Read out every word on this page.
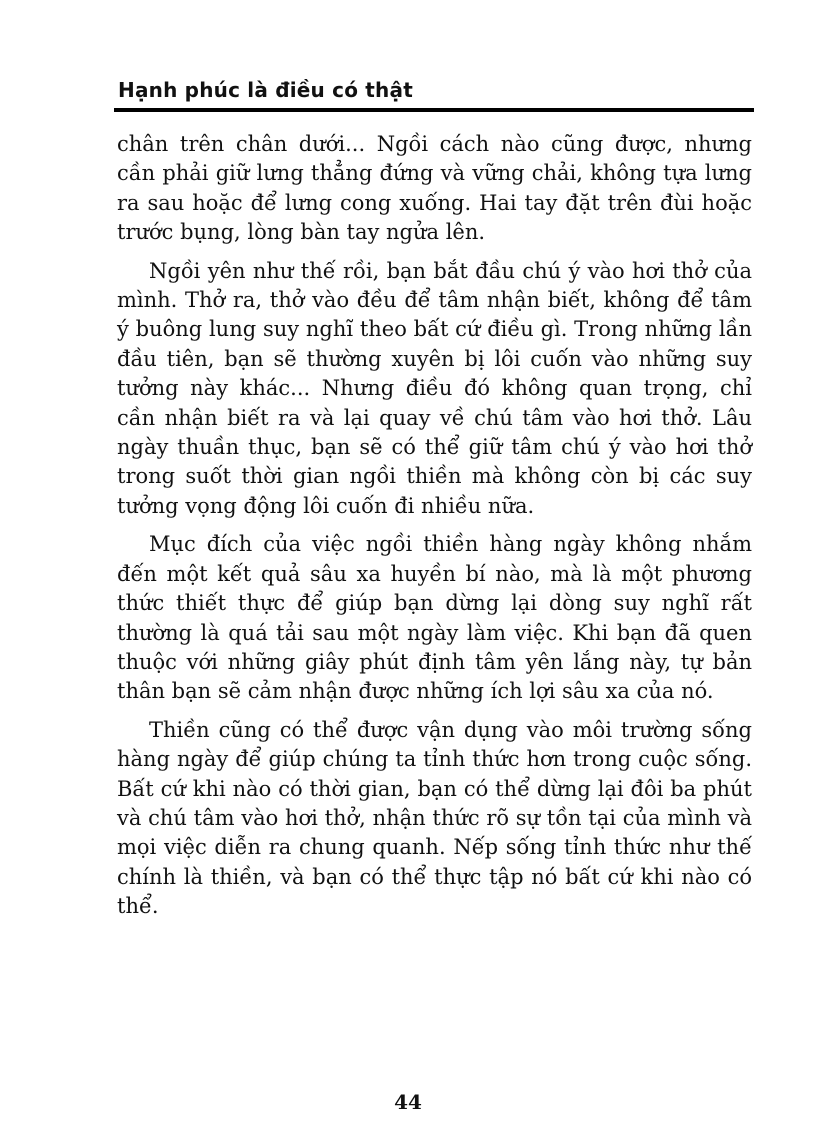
Hạnh phúc là điều có thật

chân trên chân dưới... Ngồi cách nào cũng được, nhưng cần phải giữ lưng thẳng đứng và vững chải, không tựa lưng ra sau hoặc để lưng cong xuống. Hai tay đặt trên đùi hoặc trước bụng, lòng bàn tay ngửa lên.

Ngồi yên như thế rồi, bạn bắt đầu chú ý vào hơi thở của mình. Thở ra, thở vào đều để tâm nhận biết, không để tâm ý buông lung suy nghĩ theo bất cứ điều gì. Trong những lần đầu tiên, bạn sẽ thường xuyên bị lôi cuốn vào những suy tưởng này khác... Nhưng điều đó không quan trọng, chỉ cần nhận biết ra và lại quay về chú tâm vào hơi thở. Lâu ngày thuần thục, bạn sẽ có thể giữ tâm chú ý vào hơi thở trong suốt thời gian ngồi thiền mà không còn bị các suy tưởng vọng động lôi cuốn đi nhiều nữa.

Mục đích của việc ngồi thiền hàng ngày không nhắm đến một kết quả sâu xa huyền bí nào, mà là một phương thức thiết thực để giúp bạn dừng lại dòng suy nghĩ rất thường là quá tải sau một ngày làm việc. Khi bạn đã quen thuộc với những giây phút định tâm yên lắng này, tự bản thân bạn sẽ cảm nhận được những ích lợi sâu xa của nó.

Thiền cũng có thể được vận dụng vào môi trường sống hàng ngày để giúp chúng ta tỉnh thức hơn trong cuộc sống. Bất cứ khi nào có thời gian, bạn có thể dừng lại đôi ba phút và chú tâm vào hơi thở, nhận thức rõ sự tồn tại của mình và mọi việc diễn ra chung quanh. Nếp sống tỉnh thức như thế chính là thiền, và bạn có thể thực tập nó bất cứ khi nào có thể.

44
